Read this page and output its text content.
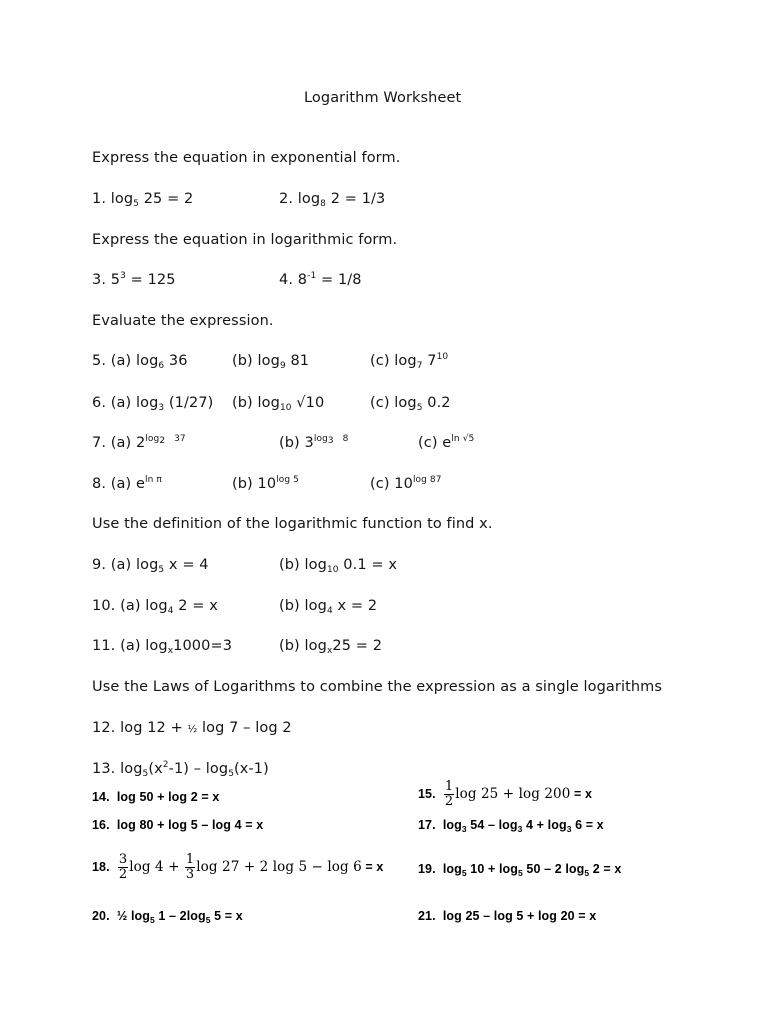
Logarithm Worksheet
Express the equation in exponential form.
1. $\log_5 25 = 2$	2. $\log_8 2 = 1/3$
Express the equation in logarithmic form.
3. $5^3 = 125$	4. $8^{-1} = 1/8$
Evaluate the expression.
5. (a) $\log_6 36$	(b) $\log_9 81$	(c) $\log_7 7^{10}$
6. (a) $\log_3 (1/27)$ (b) $\log_{10} √10$	(c) $\log_5 0.2$
7. (a) $2^{log_2 37}$	(b) $3^{log_3 8}$	(c) $e^{ln √5}$
8. (a) $e^{ln \pi}$	(b) $10^{log 5}$	(c) $10^{log 87}$
Use the definition of the logarithmic function to find x.
9. (a) $\log_5 x = 4$	(b) $\log_{10} 0.1 = x$
10. (a) $\log_4 2 = x$	(b) $\log_4 x = 2$
11. (a) $\log_x1000=3$	(b) $\log_x25 = 2$
Use the Laws of Logarithms to combine the expression as a single logarithms
12. log 12 + ½ log 7 – log 2
13. $\log_5(x^2-1) - \log_5(x-1)$
14. log 50 + log 2 = x	15. $\frac{1}{2}$ log 25 + log 200 = x
16. log 80 + log 5 – log 4 = x	17. $\log_3 54 - \log_3 4 + \log_3 6 = x$
18. $\frac{3}{2}$ $\log 4 + \frac{1}{3}$ log 27 + 2 log 5 − log 6 = x	19. $\log_5 10 + \log_5 50 - 2$ $\log_5 2 = x$
20. ½ $\log_5 1 - 2\log_5$ 5 = x	21. log 25 – log 5 + log 20 = x
